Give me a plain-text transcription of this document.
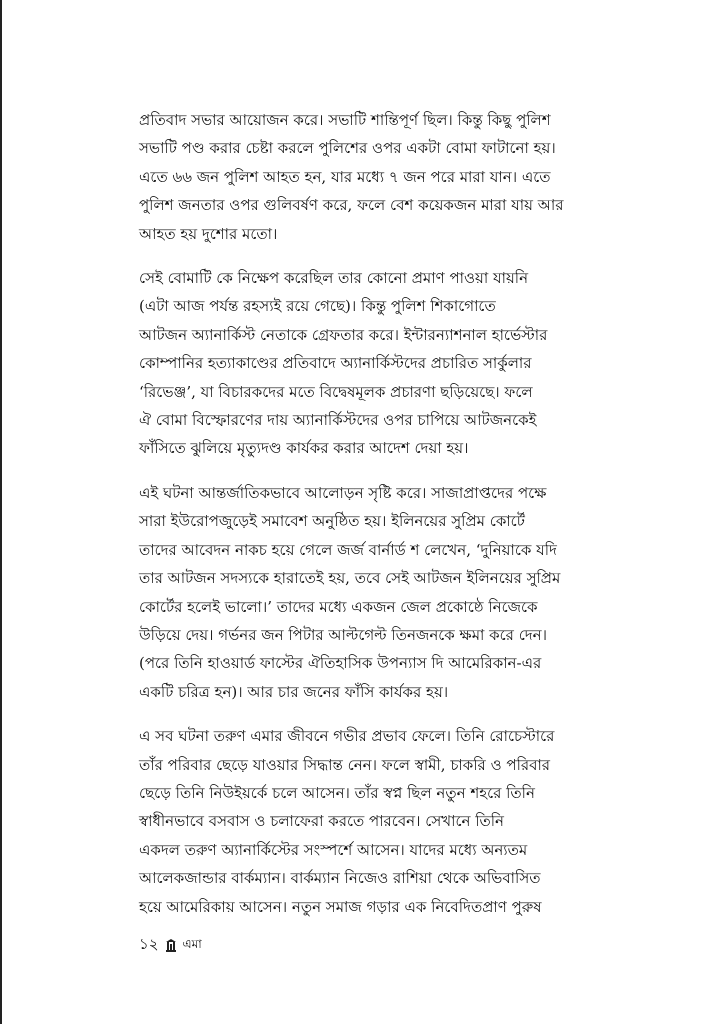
প্রতিবাদ সভার আয়োজন করে। সভাটি শান্তিপূর্ণ ছিল। কিন্তু কিছু পুলিশ
সভাটি পণ্ড করার চেষ্টা করলে পুলিশের ওপর একটা বোমা ফাটানো হয়।
এতে ৬৬ জন পুলিশ আহত হন, যার মধ্যে ৭ জন পরে মারা যান। এতে
পুলিশ জনতার ওপর গুলিবর্ষণ করে, ফলে বেশ কয়েকজন মারা যায় আর
আহত হয় দুশোর মতো।

সেই বোমাটি কে নিক্ষেপ করেছিল তার কোনো প্রমাণ পাওয়া যায়নি
(এটা আজ পর্যন্ত রহস্যই রয়ে গেছে)। কিন্তু পুলিশ শিকাগোতে
আটজন অ্যানার্কিস্ট নেতাকে গ্রেফতার করে। ইন্টারন্যাশনাল হার্ভেস্টার
কোম্পানির হত্যাকাণ্ডের প্রতিবাদে অ্যানার্কিস্টদের প্রচারিত সার্কুলার
‘রিভেঞ্জ’, যা বিচারকদের মতে বিদ্বেষমূলক প্রচারণা ছড়িয়েছে। ফলে
ঐ বোমা বিস্ফোরণের দায় অ্যানার্কিস্টদের ওপর চাপিয়ে আটজনকেই
ফাঁসিতে ঝুলিয়ে মৃত্যুদণ্ড কার্যকর করার আদেশ দেয়া হয়।

এই ঘটনা আন্তর্জাতিকভাবে আলোড়ন সৃষ্টি করে। সাজাপ্রাপ্তদের পক্ষে
সারা ইউরোপজুড়েই সমাবেশ অনুষ্ঠিত হয়। ইলিনয়ের সুপ্রিম কোর্টে
তাদের আবেদন নাকচ হয়ে গেলে জর্জ বার্নার্ড শ লেখেন, ‘দুনিয়াকে যদি
তার আটজন সদস্যকে হারাতেই হয়, তবে সেই আটজন ইলিনয়ের সুপ্রিম
কোর্টের হলেই ভালো।’ তাদের মধ্যে একজন জেল প্রকোষ্ঠে নিজেকে
উড়িয়ে দেয়। গর্ভনর জন পিটার আল্টগেল্ট তিনজনকে ক্ষমা করে দেন।
(পরে তিনি হাওয়ার্ড ফাস্টের ঐতিহাসিক উপন্যাস দি আমেরিকান-এর
একটি চরিত্র হন)। আর চার জনের ফাঁসি কার্যকর হয়।

এ সব ঘটনা তরুণ এমার জীবনে গভীর প্রভাব ফেলে। তিনি রোচেস্টারে
তাঁর পরিবার ছেড়ে যাওয়ার সিদ্ধান্ত নেন। ফলে স্বামী, চাকরি ও পরিবার
ছেড়ে তিনি নিউইয়র্কে চলে আসেন। তাঁর স্বপ্ন ছিল নতুন শহরে তিনি
স্বাধীনভাবে বসবাস ও চলাফেরা করতে পারবেন। সেখানে তিনি
একদল তরুণ অ্যানার্কিস্টের সংস্পর্শে আসেন। যাদের মধ্যে অন্যতম
আলেকজান্ডার বার্কম্যান। বার্কম্যান নিজেও রাশিয়া থেকে অভিবাসিত
হয়ে আমেরিকায় আসেন। নতুন সমাজ গড়ার এক নিবেদিতপ্রাণ পুরুষ

১২ এমা
